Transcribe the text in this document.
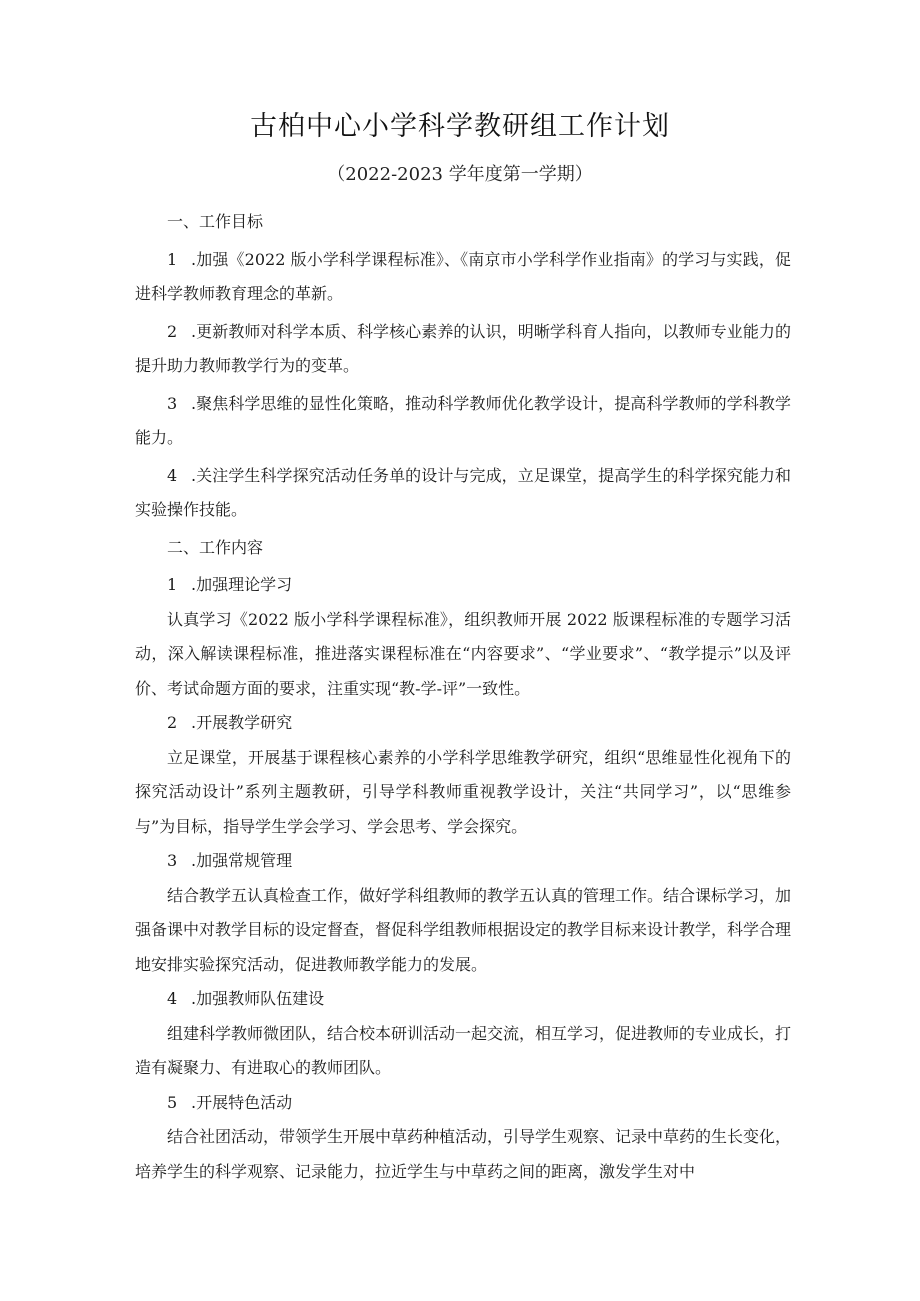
古柏中心小学科学教研组工作计划
（2022-2023 学年度第一学期）

一、工作目标

1 .加强《2022 版小学科学课程标准》、《南京市小学科学作业指南》的学习与实践，促进科学教师教育理念的革新。

2 .更新教师对科学本质、科学核心素养的认识，明晰学科育人指向，以教师专业能力的提升助力教师教学行为的变革。

3 .聚焦科学思维的显性化策略，推动科学教师优化教学设计，提高科学教师的学科教学能力。

4 .关注学生科学探究活动任务单的设计与完成，立足课堂，提高学生的科学探究能力和实验操作技能。

二、工作内容

1 .加强理论学习

认真学习《2022 版小学科学课程标准》，组织教师开展 2022 版课程标准的专题学习活动，深入解读课程标准，推进落实课程标准在“内容要求”、“学业要求”、“教学提示”以及评价、考试命题方面的要求，注重实现“教-学-评”一致性。

2 .开展教学研究

立足课堂，开展基于课程核心素养的小学科学思维教学研究，组织“思维显性化视角下的探究活动设计”系列主题教研，引导学科教师重视教学设计，关注“共同学习”，以“思维参与”为目标，指导学生学会学习、学会思考、学会探究。

3 .加强常规管理

结合教学五认真检查工作，做好学科组教师的教学五认真的管理工作。结合课标学习，加强备课中对教学目标的设定督查，督促科学组教师根据设定的教学目标来设计教学，科学合理地安排实验探究活动，促进教师教学能力的发展。

4 .加强教师队伍建设

组建科学教师微团队，结合校本研训活动一起交流，相互学习，促进教师的专业成长，打造有凝聚力、有进取心的教师团队。

5 .开展特色活动

结合社团活动，带领学生开展中草药种植活动，引导学生观察、记录中草药的生长变化，培养学生的科学观察、记录能力，拉近学生与中草药之间的距离，激发学生对中
